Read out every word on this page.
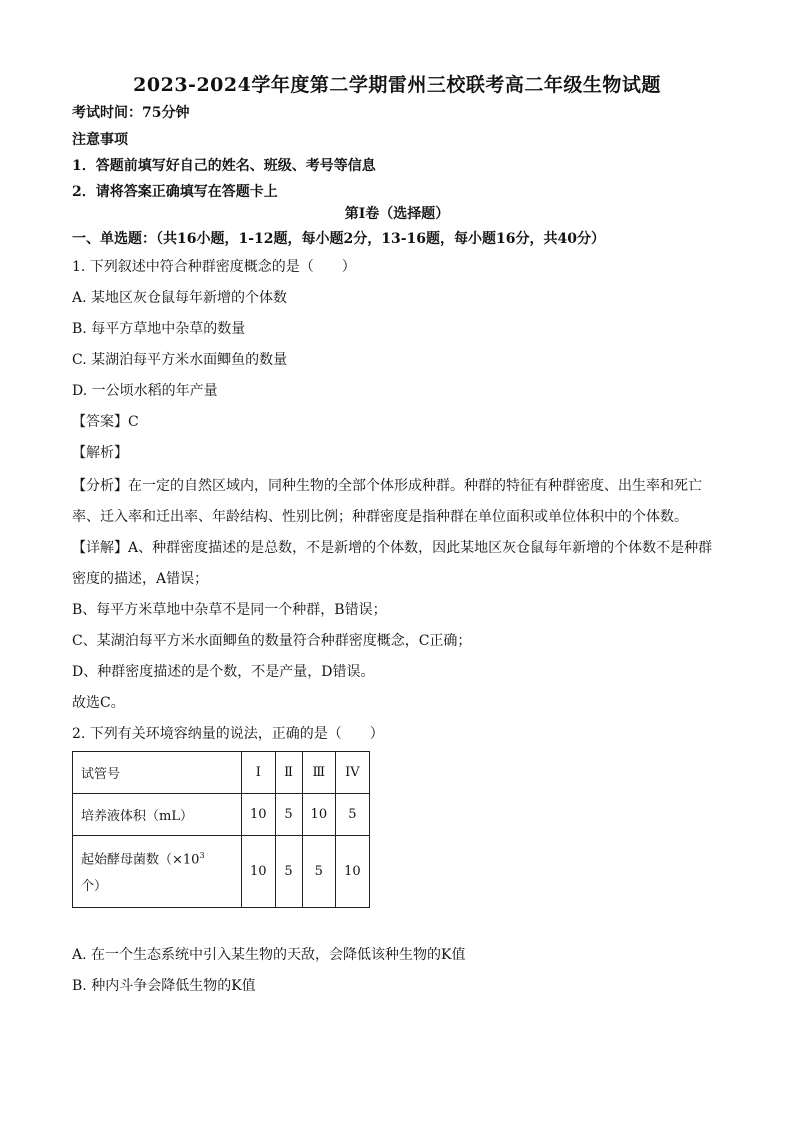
2023-2024学年度第二学期雷州三校联考高二年级生物试题
考试时间：75分钟
注意事项
1．答题前填写好自己的姓名、班级、考号等信息
2．请将答案正确填写在答题卡上
第I卷（选择题）
一、单选题：（共16小题，1-12题，每小题2分，13-16题，每小题16分，共40分）
1. 下列叙述中符合种群密度概念的是（　　）
A. 某地区灰仓鼠每年新增的个体数
B. 每平方草地中杂草的数量
C. 某湖泊每平方米水面鲫鱼的数量
D. 一公顷水稻的年产量
【答案】C
【解析】
【分析】在一定的自然区域内，同种生物的全部个体形成种群。种群的特征有种群密度、出生率和死亡
率、迁入率和迁出率、年龄结构、性别比例；种群密度是指种群在单位面积或单位体积中的个体数。
【详解】A、种群密度描述的是总数，不是新增的个体数，因此某地区灰仓鼠每年新增的个体数不是种群
密度的描述，A错误；
B、每平方米草地中杂草不是同一个种群，B错误；
C、某湖泊每平方米水面鲫鱼的数量符合种群密度概念，C正确；
D、种群密度描述的是个数，不是产量，D错误。
故选C。
2. 下列有关环境容纳量的说法，正确的是（　　）
试管号	I	Ⅱ	Ⅲ	IV
培养液体积（mL）	10	5	10	5
起始酵母菌数（$\times 10^3$
个）	10	5	5	10
A. 在一个生态系统中引入某生物的天敌，会降低该种生物的K值
B. 种内斗争会降低生物的K值
